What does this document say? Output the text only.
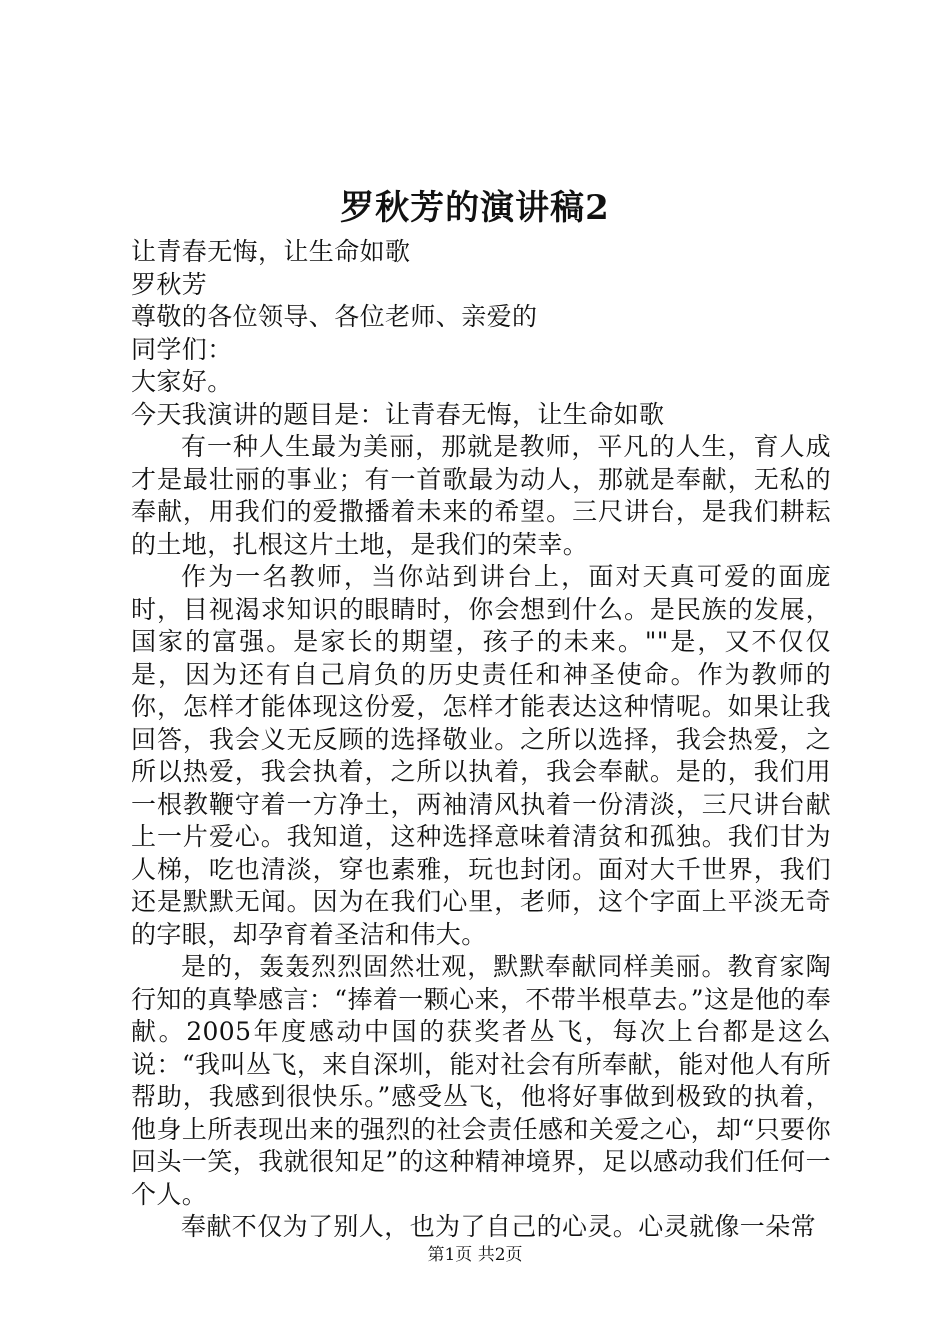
罗秋芳的演讲稿2

让青春无悔，让生命如歌

罗秋芳

尊敬的各位领导、各位老师、亲爱的

同学们：

大家好。

今天我演讲的题目是：让青春无悔，让生命如歌

有一种人生最为美丽，那就是教师，平凡的人生，育人成才是最壮丽的事业；有一首歌最为动人，那就是奉献，无私的奉献，用我们的爱撒播着未来的希望。三尺讲台，是我们耕耘的土地，扎根这片土地，是我们的荣幸。

作为一名教师，当你站到讲台上，面对天真可爱的面庞时，目视渴求知识的眼睛时，你会想到什么。是民族的发展，国家的富强。是家长的期望，孩子的未来。""是，又不仅仅是，因为还有自己肩负的历史责任和神圣使命。作为教师的你，怎样才能体现这份爱，怎样才能表达这种情呢。如果让我回答，我会义无反顾的选择敬业。之所以选择，我会热爱，之所以热爱，我会执着，之所以执着，我会奉献。是的，我们用一根教鞭守着一方净土，两袖清风执着一份清淡，三尺讲台献上一片爱心。我知道，这种选择意味着清贫和孤独。我们甘为人梯，吃也清淡，穿也素雅，玩也封闭。面对大千世界，我们还是默默无闻。因为在我们心里，老师，这个字面上平淡无奇的字眼，却孕育着圣洁和伟大。

是的，轰轰烈烈固然壮观，默默奉献同样美丽。教育家陶行知的真挚感言：“捧着一颗心来，不带半根草去。”这是他的奉献。2005年度感动中国的获奖者丛飞，每次上台都是这么说：“我叫丛飞，来自深圳，能对社会有所奉献，能对他人有所帮助，我感到很快乐。”感受丛飞，他将好事做到极致的执着，他身上所表现出来的强烈的社会责任感和关爱之心，却“只要你回头一笑，我就很知足”的这种精神境界，足以感动我们任何一个人。

奉献不仅为了别人，也为了自己的心灵。心灵就像一朵常

第1页 共2页
